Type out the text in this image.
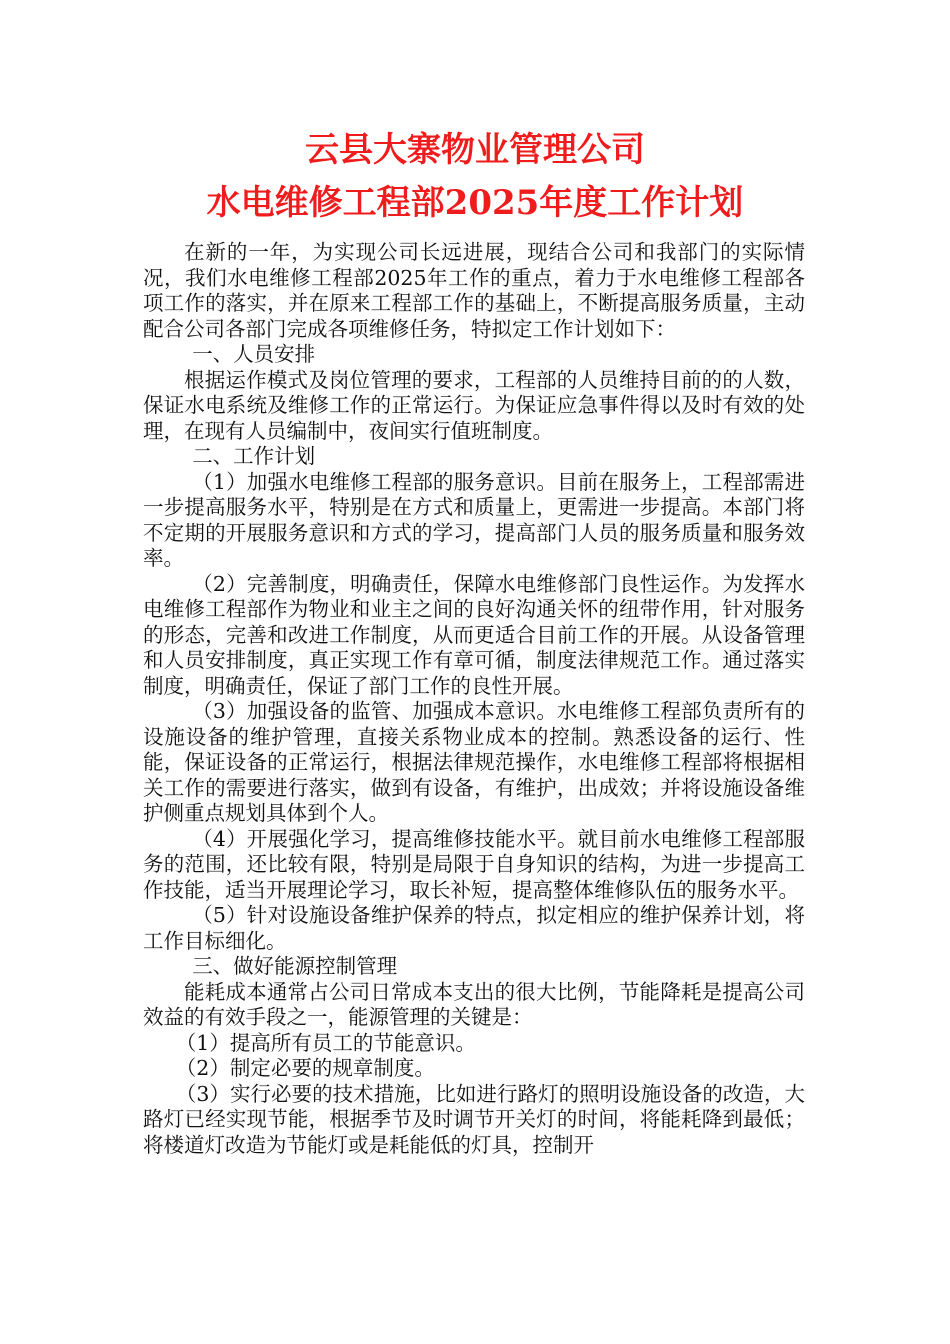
云县大寨物业管理公司
水电维修工程部2025年度工作计划

在新的一年，为实现公司长远进展，现结合公司和我部门的实际情况，我们水电维修工程部2025年工作的重点，着力于水电维修工程部各项工作的落实，并在原来工程部工作的基础上，不断提高服务质量，主动配合公司各部门完成各项维修任务，特拟定工作计划如下：

一、人员安排

根据运作模式及岗位管理的要求，工程部的人员维持目前的的人数，保证水电系统及维修工作的正常运行。为保证应急事件得以及时有效的处理，在现有人员编制中，夜间实行值班制度。

二、工作计划

（1）加强水电维修工程部的服务意识。目前在服务上，工程部需进一步提高服务水平，特别是在方式和质量上，更需进一步提高。本部门将不定期的开展服务意识和方式的学习，提高部门人员的服务质量和服务效率。

（2）完善制度，明确责任，保障水电维修部门良性运作。为发挥水电维修工程部作为物业和业主之间的良好沟通关怀的纽带作用，针对服务的形态，完善和改进工作制度，从而更适合目前工作的开展。从设备管理和人员安排制度，真正实现工作有章可循，制度法律规范工作。通过落实制度，明确责任，保证了部门工作的良性开展。

（3）加强设备的监管、加强成本意识。水电维修工程部负责所有的设施设备的维护管理，直接关系物业成本的控制。熟悉设备的运行、性能，保证设备的正常运行，根据法律规范操作，水电维修工程部将根据相关工作的需要进行落实，做到有设备，有维护，出成效；并将设施设备维护侧重点规划具体到个人。

（4）开展强化学习，提高维修技能水平。就目前水电维修工程部服务的范围，还比较有限，特别是局限于自身知识的结构，为进一步提高工作技能，适当开展理论学习，取长补短，提高整体维修队伍的服务水平。

（5）针对设施设备维护保养的特点，拟定相应的维护保养计划，将工作目标细化。

三、做好能源控制管理

能耗成本通常占公司日常成本支出的很大比例，节能降耗是提高公司效益的有效手段之一，能源管理的关键是：

（1）提高所有员工的节能意识。

（2）制定必要的规章制度。

（3）实行必要的技术措施，比如进行路灯的照明设施设备的改造，大路灯已经实现节能，根据季节及时调节开关灯的时间，将能耗降到最低；将楼道灯改造为节能灯或是耗能低的灯具，控制开
